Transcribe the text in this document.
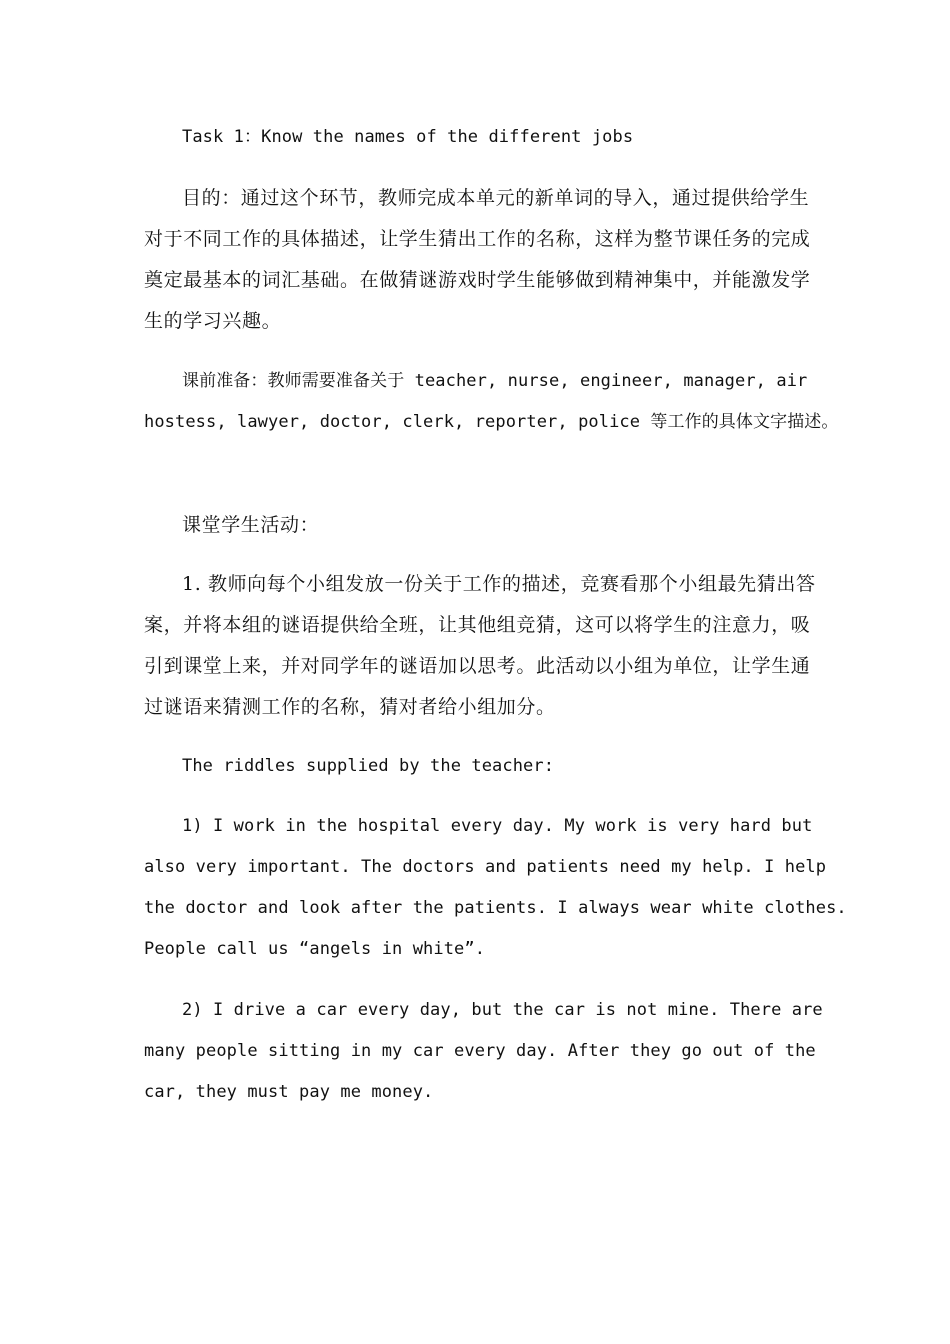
Task 1：Know the names of the different jobs

目的：通过这个环节，教师完成本单元的新单词的导入，通过提供给学生
对于不同工作的具体描述，让学生猜出工作的名称，这样为整节课任务的完成
奠定最基本的词汇基础。在做猜谜游戏时学生能够做到精神集中，并能激发学
生的学习兴趣。

课前准备：教师需要准备关于 teacher, nurse, engineer, manager, air
hostess, lawyer, doctor, clerk, reporter, police 等工作的具体文字描述。

课堂学生活动：

1. 教师向每个小组发放一份关于工作的描述，竞赛看那个小组最先猜出答
案，并将本组的谜语提供给全班，让其他组竞猜，这可以将学生的注意力，吸
引到课堂上来，并对同学年的谜语加以思考。此活动以小组为单位，让学生通
过谜语来猜测工作的名称，猜对者给小组加分。

The riddles supplied by the teacher:

1) I work in the hospital every day. My work is very hard but
also very important. The doctors and patients need my help. I help
the doctor and look after the patients. I always wear white clothes.
People call us “angels in white”.

2) I drive a car every day, but the car is not mine. There are
many people sitting in my car every day. After they go out of the
car, they must pay me money.
